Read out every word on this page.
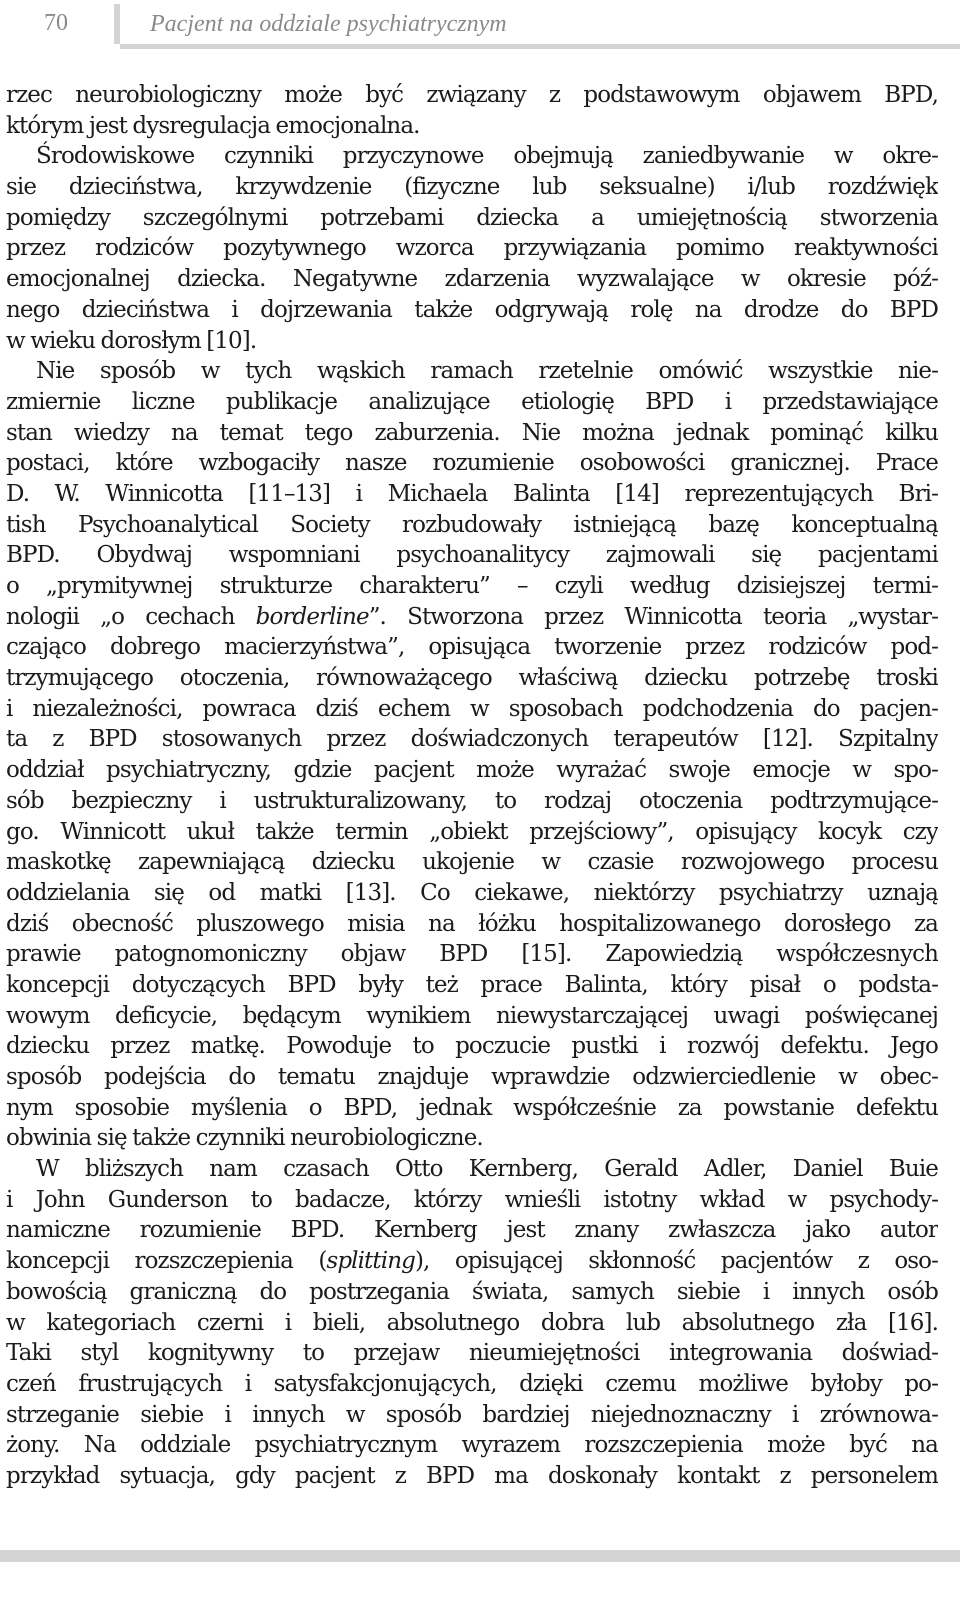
70	Pacjent na oddziale psychiatrycznym
rzec neurobiologiczny może być związany z podstawowym objawem BPD,
którym jest dysregulacja emocjonalna.
Środowiskowe czynniki przyczynowe obejmują zaniedbywanie w okre-
sie dzieciństwa, krzywdzenie (fizyczne lub seksualne) i/lub rozdźwięk
pomiędzy szczególnymi potrzebami dziecka a umiejętnością stworzenia
przez rodziców pozytywnego wzorca przywiązania pomimo reaktywności
emocjonalnej dziecka. Negatywne zdarzenia wyzwalające w okresie póź-
nego dzieciństwa i dojrzewania także odgrywają rolę na drodze do BPD
w wieku dorosłym [10].
Nie sposób w tych wąskich ramach rzetelnie omówić wszystkie nie-
zmiernie liczne publikacje analizujące etiologię BPD i przedstawiające
stan wiedzy na temat tego zaburzenia. Nie można jednak pominąć kilku
postaci, które wzbogaciły nasze rozumienie osobowości granicznej. Prace
D. W. Winnicotta [11–13] i Michaela Balinta [14] reprezentujących Bri-
tish Psychoanalytical Society rozbudowały istniejącą bazę konceptualną
BPD. Obydwaj wspomniani psychoanalitycy zajmowali się pacjentami
o „prymitywnej strukturze charakteru” – czyli według dzisiejszej termi-
nologii „o cechach borderline”. Stworzona przez Winnicotta teoria „wystar-
czająco dobrego macierzyństwa”, opisująca tworzenie przez rodziców pod-
trzymującego otoczenia, równoważącego właściwą dziecku potrzebę troski
i niezależności, powraca dziś echem w sposobach podchodzenia do pacjen-
ta z BPD stosowanych przez doświadczonych terapeutów [12]. Szpitalny
oddział psychiatryczny, gdzie pacjent może wyrażać swoje emocje w spo-
sób bezpieczny i ustrukturalizowany, to rodzaj otoczenia podtrzymujące-
go. Winnicott ukuł także termin „obiekt przejściowy”, opisujący kocyk czy
maskotkę zapewniającą dziecku ukojenie w czasie rozwojowego procesu
oddzielania się od matki [13]. Co ciekawe, niektórzy psychiatrzy uznają
dziś obecność pluszowego misia na łóżku hospitalizowanego dorosłego za
prawie patognomoniczny objaw BPD [15]. Zapowiedzią współczesnych
koncepcji dotyczących BPD były też prace Balinta, który pisał o podsta-
wowym deficycie, będącym wynikiem niewystarczającej uwagi poświęcanej
dziecku przez matkę. Powoduje to poczucie pustki i rozwój defektu. Jego
sposób podejścia do tematu znajduje wprawdzie odzwierciedlenie w obec-
nym sposobie myślenia o BPD, jednak współcześnie za powstanie defektu
obwinia się także czynniki neurobiologiczne.
W bliższych nam czasach Otto Kernberg, Gerald Adler, Daniel Buie
i John Gunderson to badacze, którzy wnieśli istotny wkład w psychody-
namiczne rozumienie BPD. Kernberg jest znany zwłaszcza jako autor
koncepcji rozszczepienia (splitting), opisującej skłonność pacjentów z oso-
bowością graniczną do postrzegania świata, samych siebie i innych osób
w kategoriach czerni i bieli, absolutnego dobra lub absolutnego zła [16].
Taki styl kognitywny to przejaw nieumiejętności integrowania doświad-
czeń frustrujących i satysfakcjonujących, dzięki czemu możliwe byłoby po-
strzeganie siebie i innych w sposób bardziej niejednoznaczny i zrównowa-
żony. Na oddziale psychiatrycznym wyrazem rozszczepienia może być na
przykład sytuacja, gdy pacjent z BPD ma doskonały kontakt z personelem
